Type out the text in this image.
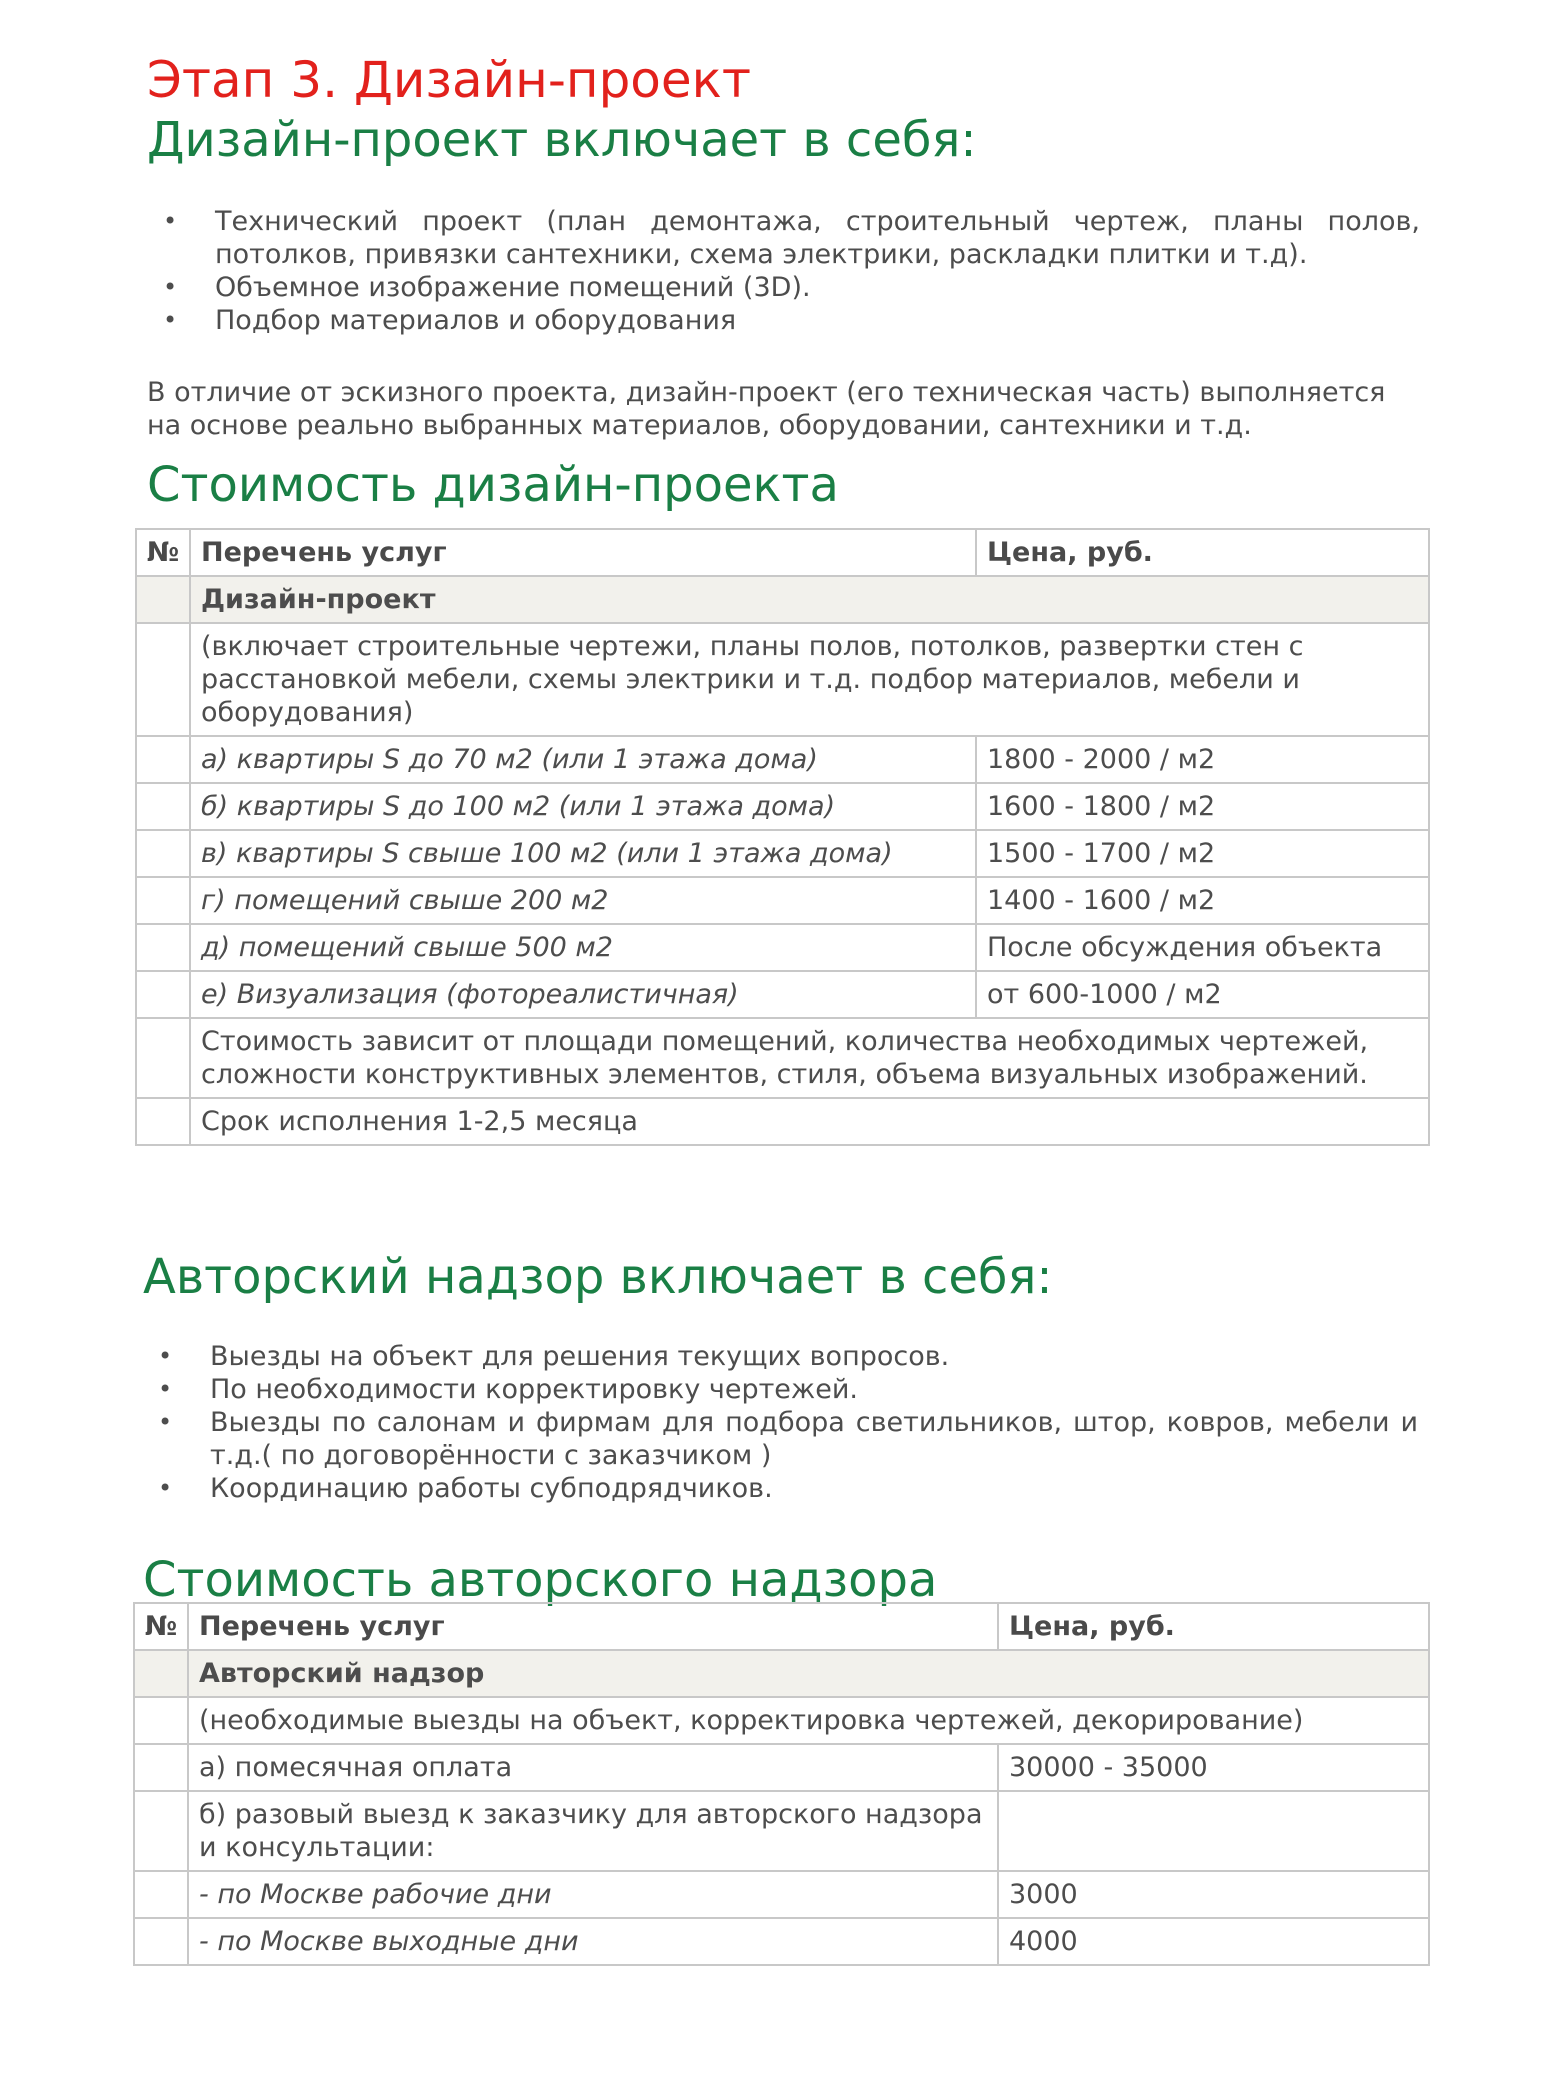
Этап 3. Дизайн-проект
Дизайн-проект включает в себя:
• Технический проект (план демонтажа, строительный чертеж, планы полов, потолков, привязки сантехники, схема электрики, раскладки плитки и т.д).
• Объемное изображение помещений (3D).
• Подбор материалов и оборудования

В отличие от эскизного проекта, дизайн-проект (его техническая часть) выполняется на основе реально выбранных материалов, оборудовании, сантехники и т.д.

Стоимость дизайн-проекта
№	Перечень услуг	Цена, руб.
	Дизайн-проект	
	(включает строительные чертежи, планы полов, потолков, развертки стен с расстановкой мебели, схемы электрики и т.д. подбор материалов, мебели и оборудования)	
	а) квартиры S до 70 м2 (или 1 этажа дома)	1800 - 2000 / м2
	б) квартиры S до 100 м2 (или 1 этажа дома)	1600 - 1800 / м2
	в) квартиры S свыше 100 м2 (или 1 этажа дома)	1500 - 1700 / м2
	г) помещений свыше 200 м2	1400 - 1600 / м2
	д) помещений свыше 500 м2	После обсуждения объекта
	е) Визуализация (фотореалистичная)	от 600-1000 / м2
	Стоимость зависит от площади помещений, количества необходимых чертежей, сложности конструктивных элементов, стиля, объема визуальных изображений.	
	Срок исполнения 1-2,5 месяца	
Авторский надзор включает в себя:
• Выезды на объект для решения текущих вопросов.
• По необходимости корректировку чертежей.
• Выезды по салонам и фирмам для подбора светильников, штор, ковров, мебели и т.д.( по договорённости с заказчиком )
• Координацию работы субподрядчиков.
Стоимость авторского надзора
№	Перечень услуг	Цена, руб.
	Авторский надзор	
	(необходимые выезды на объект, корректировка чертежей, декорирование)	
	а) помесячная оплата	30000 - 35000
	б) разовый выезд к заказчику для авторского надзора и консультации:	
	- по Москве рабочие дни	3000
	- по Москве выходные дни	4000
